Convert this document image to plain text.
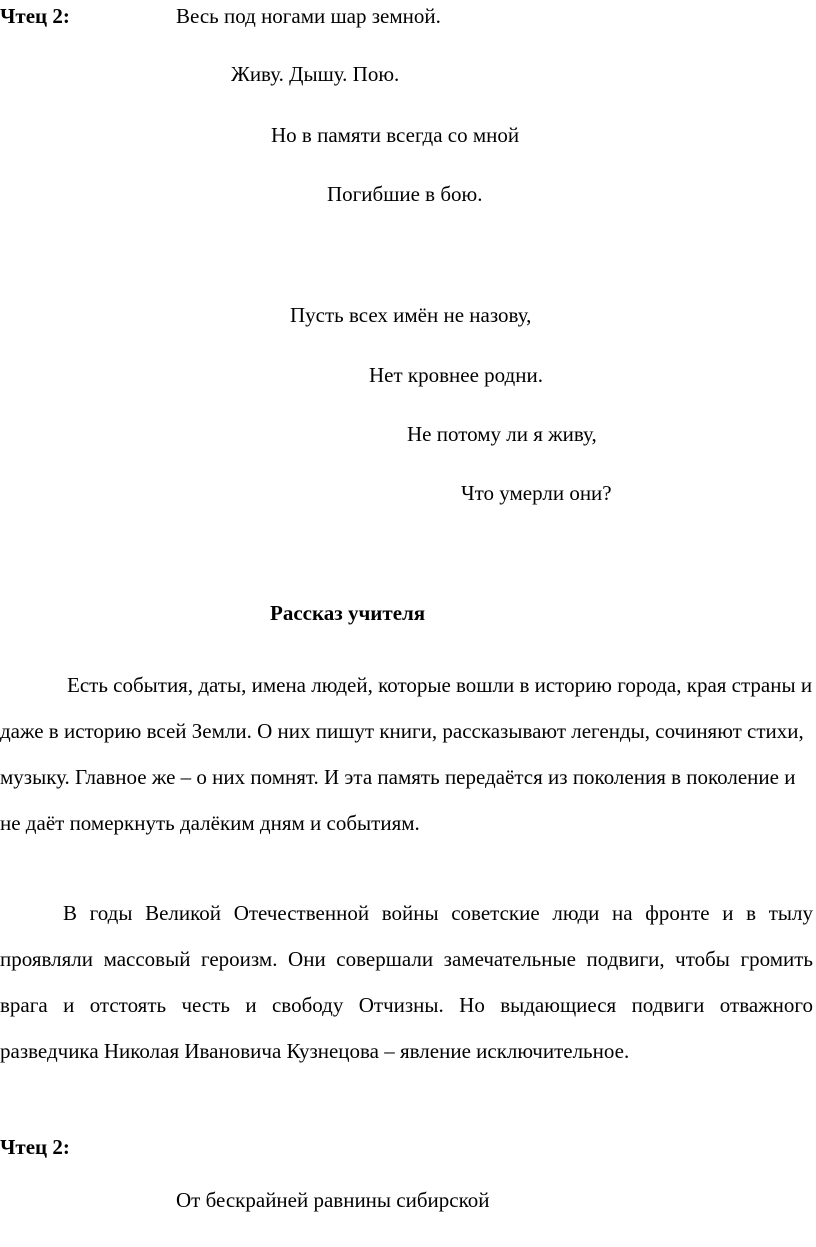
Чтец 2:	Весь под ногами шар земной.
Живу. Дышу. Пою.
Но в памяти всегда со мной
Погибшие в бою.
Пусть всех имён не назову,
Нет кровнее родни.
Не потому ли я живу,
Что умерли они?
Рассказ учителя

Есть события, даты, имена людей, которые вошли в историю города, края страны и даже в историю всей Земли. О них пишут книги, рассказывают легенды, сочиняют стихи, музыку. Главное же – о них помнят. И эта память передаётся из поколения в поколение и не даёт померкнуть далёким дням и событиям.

В годы Великой Отечественной войны советские люди на фронте и в тылу проявляли массовый героизм. Они совершали замечательные подвиги, чтобы громить врага и отстоять честь и свободу Отчизны. Но выдающиеся подвиги отважного разведчика Николая Ивановича Кузнецова – явление исключительное.

Чтец 2:
От бескрайней равнины сибирской
